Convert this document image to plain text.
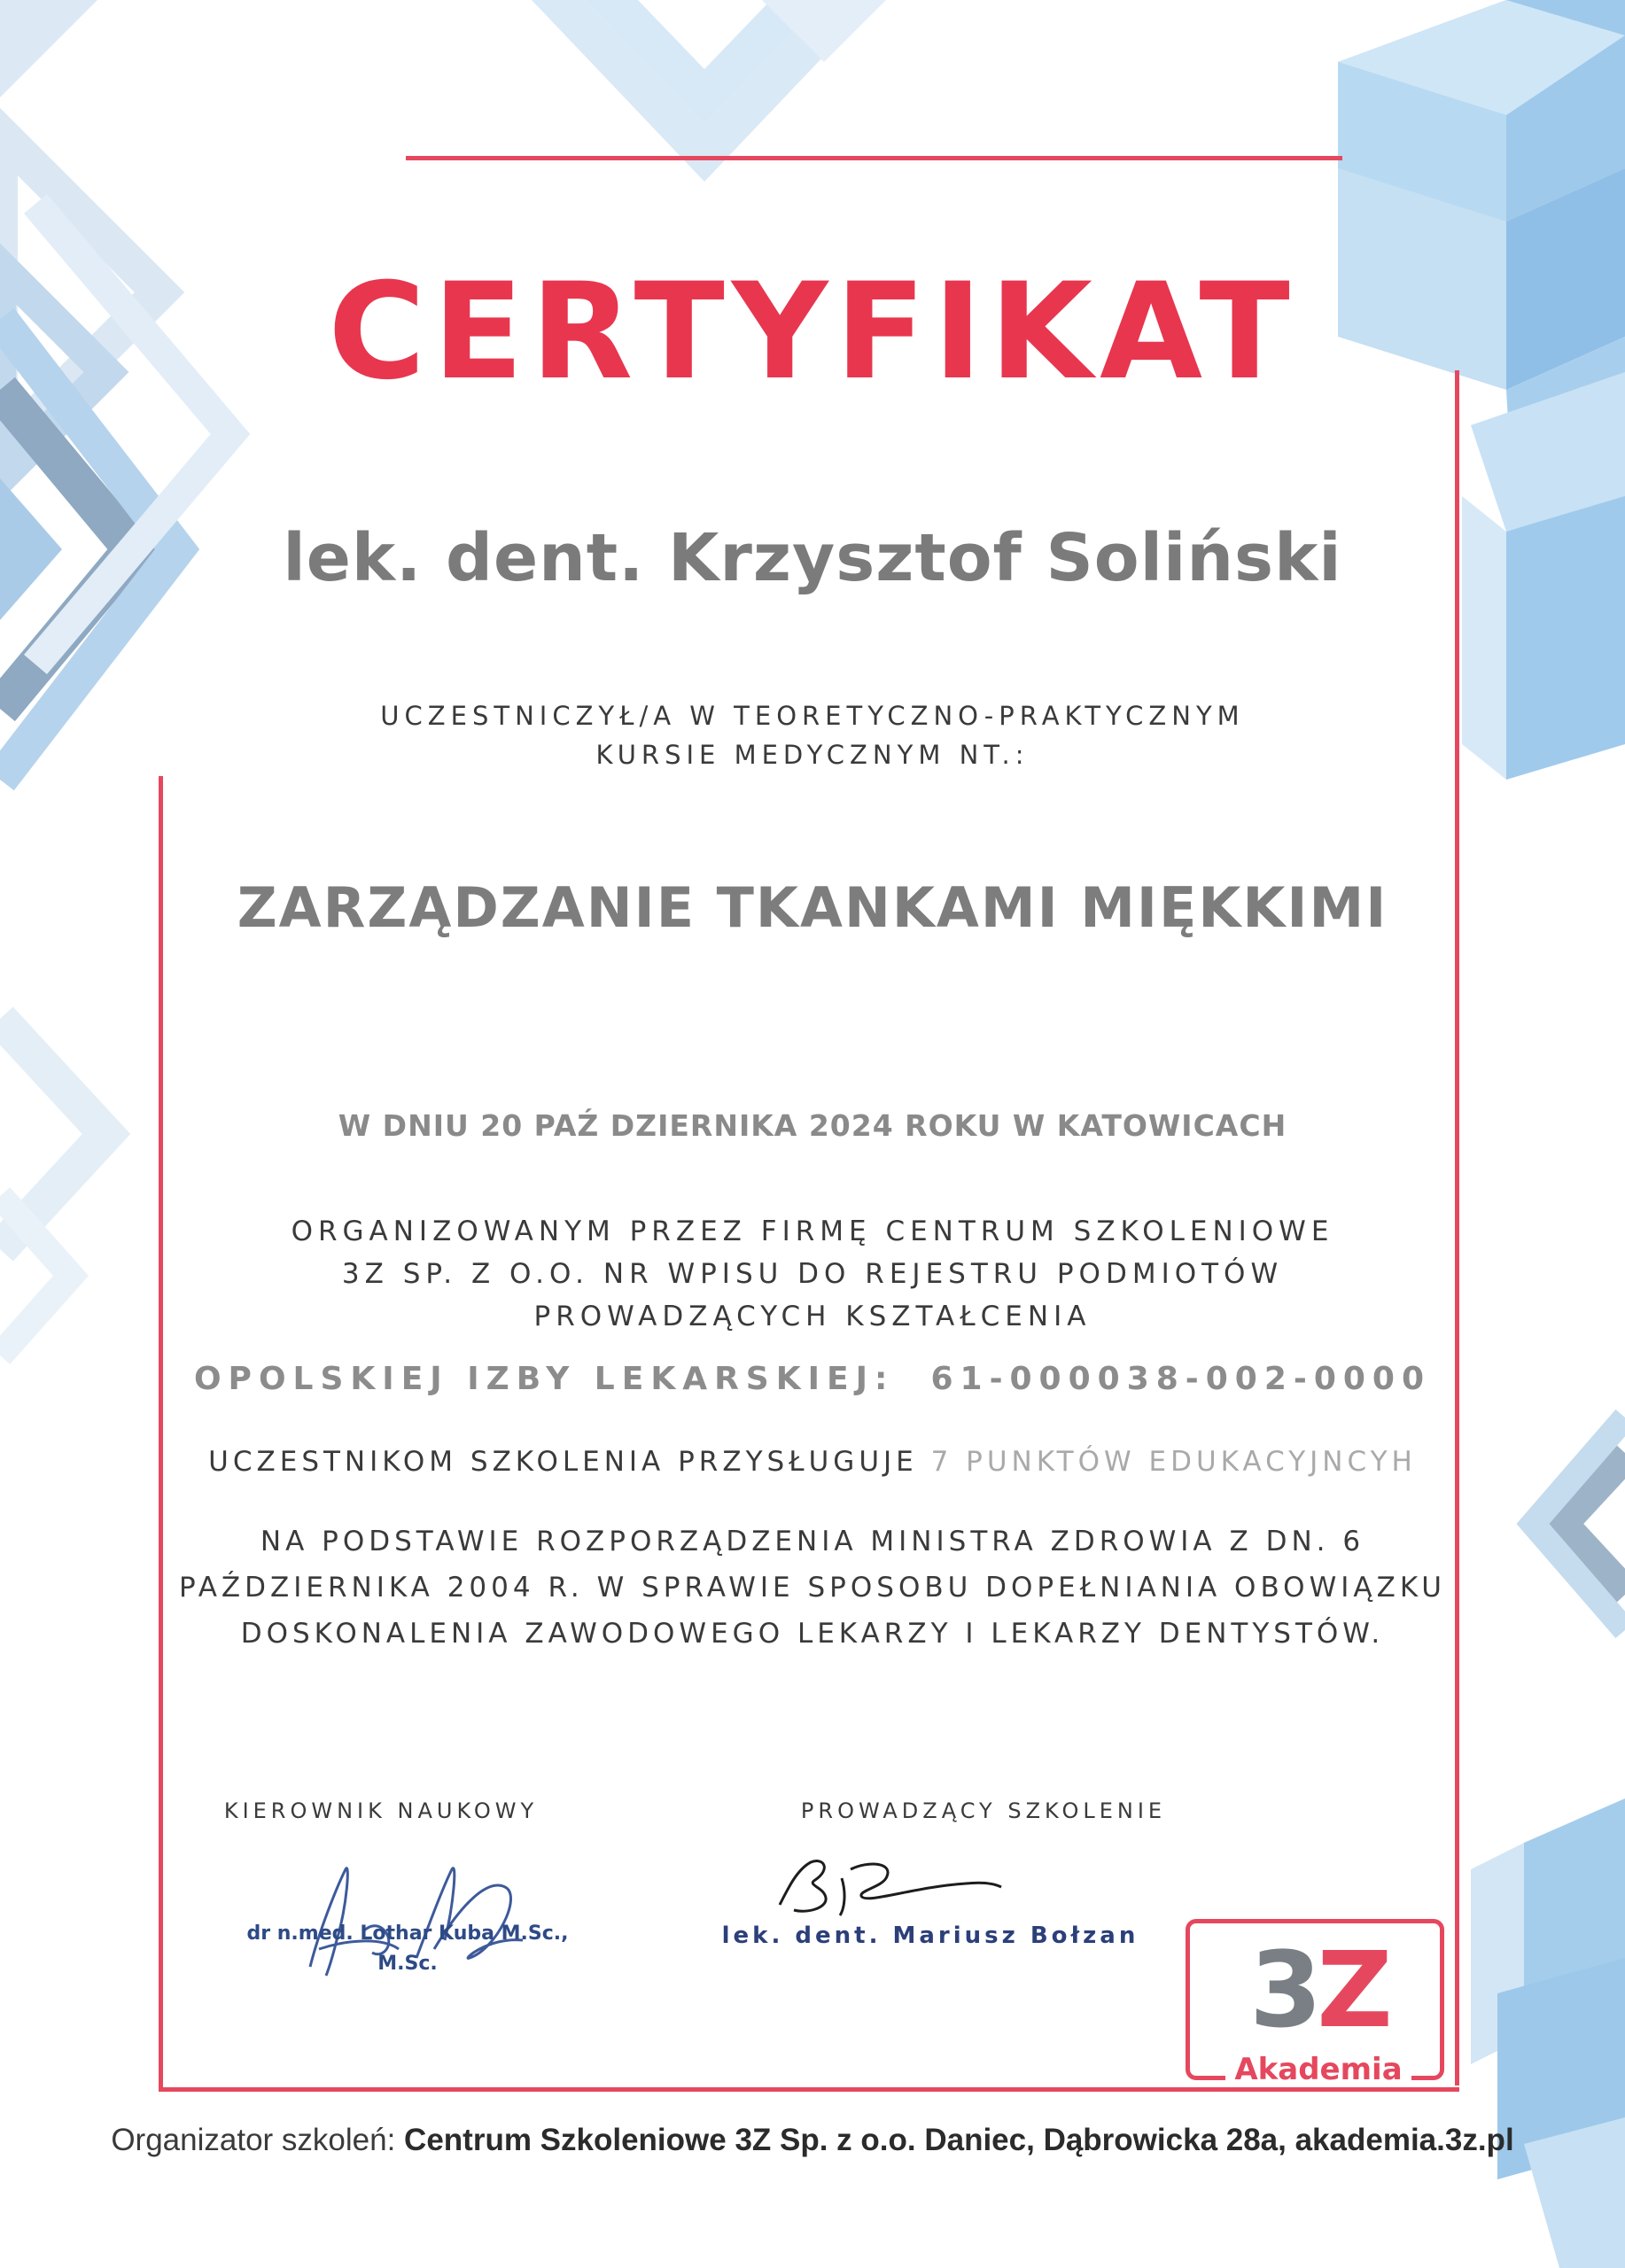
CERTYFIKAT
lek. dent. Krzysztof Soliński
UCZESTNICZYŁ/A W TEORETYCZNO-PRAKTYCZNYM
KURSIE MEDYCZNYM NT.:
ZARZĄDZANIE TKANKAMI MIĘKKIMI
W DNIU 20 PAŹ DZIERNIKA 2024 ROKU W KATOWICACH
ORGANIZOWANYM PRZEZ FIRMĘ CENTRUM SZKOLENIOWE
3Z SP. Z O.O. NR WPISU DO REJESTRU PODMIOTÓW
PROWADZĄCYCH KSZTAŁCENIA
OPOLSKIEJ IZBY LEKARSKIEJ:  61-000038-002-0000
UCZESTNIKOM SZKOLENIA PRZYSŁUGUJE 7 PUNKTÓW EDUKACYJNCYH
NA PODSTAWIE ROZPORZĄDZENIA MINISTRA ZDROWIA Z DN. 6
PAŹDZIERNIKA 2004 R. W SPRAWIE SPOSOBU DOPEŁNIANIA OBOWIĄZKU
DOSKONALENIA ZAWODOWEGO LEKARZY I LEKARZY DENTYSTÓW.
KIEROWNIK NAUKOWY	PROWADZĄCY SZKOLENIE
dr n.med. Lothar Kuba M.Sc., M.Sc.
lek. dent. Mariusz Bołzan	3Z
Akademia

Organizator szkoleń: Centrum Szkoleniowe 3Z Sp. z o.o. Daniec, Dąbrowicka 28a, akademia.3z.pl
